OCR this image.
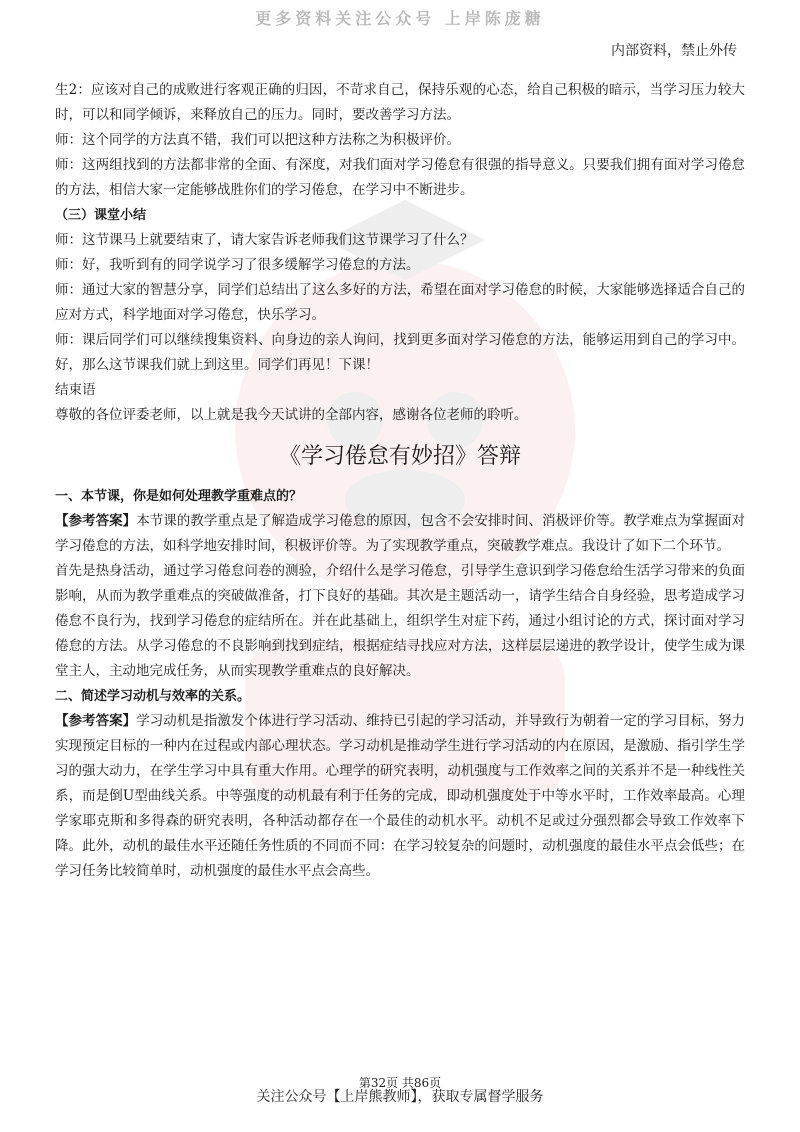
更多资料关注公众号 上岸陈庞糖
内部资料，禁止外传

生2：应该对自己的成败进行客观正确的归因，不苛求自己，保持乐观的心态，给自己积极的暗示，当学习压力较大时，可以和同学倾诉，来释放自己的压力。同时，要改善学习方法。

师：这个同学的方法真不错，我们可以把这种方法称之为积极评价。

师：这两组找到的方法都非常的全面、有深度，对我们面对学习倦怠有很强的指导意义。只要我们拥有面对学习倦怠的方法，相信大家一定能够战胜你们的学习倦怠，在学习中不断进步。

（三）课堂小结

师：这节课马上就要结束了，请大家告诉老师我们这节课学习了什么？

师：好，我听到有的同学说学习了很多缓解学习倦怠的方法。

师：通过大家的智慧分享，同学们总结出了这么多好的方法，希望在面对学习倦怠的时候，大家能够选择适合自己的应对方式，科学地面对学习倦怠，快乐学习。

师：课后同学们可以继续搜集资料、向身边的亲人询问，找到更多面对学习倦怠的方法，能够运用到自己的学习中。好，那么这节课我们就上到这里。同学们再见！下课！

结束语

尊敬的各位评委老师，以上就是我今天试讲的全部内容，感谢各位老师的聆听。

《学习倦怠有妙招》答辩

一、本节课，你是如何处理教学重难点的？

【参考答案】本节课的教学重点是了解造成学习倦怠的原因，包含不会安排时间、消极评价等。教学难点为掌握面对学习倦怠的方法，如科学地安排时间，积极评价等。为了实现教学重点，突破教学难点。我设计了如下二个环节。

首先是热身活动，通过学习倦怠问卷的测验，介绍什么是学习倦怠，引导学生意识到学习倦怠给生活学习带来的负面影响，从而为教学重难点的突破做准备，打下良好的基础。其次是主题活动一，请学生结合自身经验，思考造成学习倦怠不良行为，找到学习倦怠的症结所在。并在此基础上，组织学生对症下药，通过小组讨论的方式，探讨面对学习倦怠的方法。从学习倦怠的不良影响到找到症结，根据症结寻找应对方法，这样层层递进的教学设计，使学生成为课堂主人，主动地完成任务，从而实现教学重难点的良好解决。

二、简述学习动机与效率的关系。

【参考答案】学习动机是指激发个体进行学习活动、维持已引起的学习活动，并导致行为朝着一定的学习目标，努力实现预定目标的一种内在过程或内部心理状态。学习动机是推动学生进行学习活动的内在原因，是激励、指引学生学习的强大动力，在学生学习中具有重大作用。心理学的研究表明，动机强度与工作效率之间的关系并不是一种线性关系，而是倒U型曲线关系。中等强度的动机最有利于任务的完成，即动机强度处于中等水平时，工作效率最高。心理学家耶克斯和多得森的研究表明，各种活动都存在一个最佳的动机水平。动机不足或过分强烈都会导致工作效率下降。此外，动机的最佳水平还随任务性质的不同而不同：在学习较复杂的问题时，动机强度的最佳水平点会低些；在学习任务比较简单时，动机强度的最佳水平点会高些。

第32页 共86页
关注公众号【上岸熊教师】，获取专属督学服务
